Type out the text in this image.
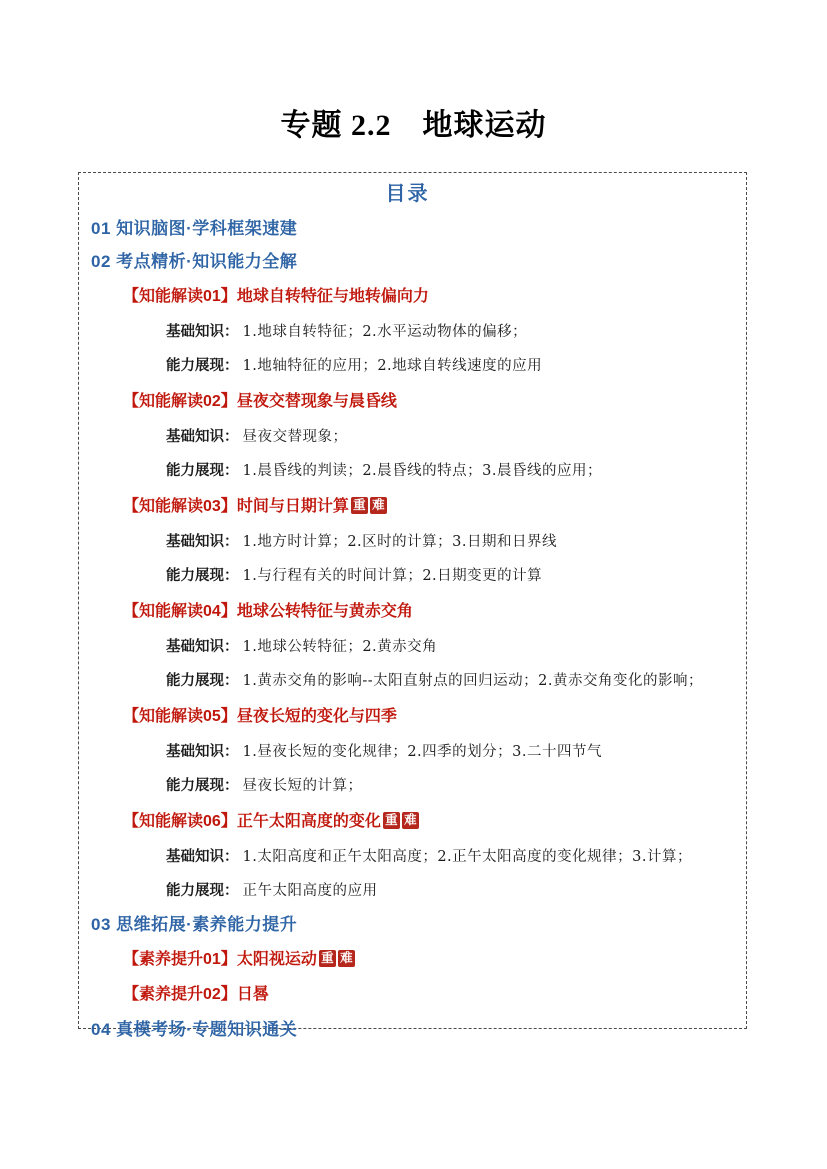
专题 2.2　地球运动
目录
01 知识脑图·学科框架速建
02 考点精析·知识能力全解
【知能解读01】地球自转特征与地转偏向力
基础知识： 1.地球自转特征；2.水平运动物体的偏移；
能力展现： 1.地轴特征的应用；2.地球自转线速度的应用
【知能解读02】昼夜交替现象与晨昏线
基础知识： 昼夜交替现象；
能力展现： 1.晨昏线的判读；2.晨昏线的特点；3.晨昏线的应用；
【知能解读03】时间与日期计算 重 难
基础知识： 1.地方时计算；2.区时的计算；3.日期和日界线
能力展现： 1.与行程有关的时间计算；2.日期变更的计算
【知能解读04】地球公转特征与黄赤交角
基础知识： 1.地球公转特征；2.黄赤交角
能力展现： 1.黄赤交角的影响--太阳直射点的回归运动；2.黄赤交角变化的影响；
【知能解读05】昼夜长短的变化与四季
基础知识： 1.昼夜长短的变化规律；2.四季的划分；3.二十四节气
能力展现： 昼夜长短的计算；
【知能解读06】正午太阳高度的变化 重 难
基础知识： 1.太阳高度和正午太阳高度；2.正午太阳高度的变化规律；3.计算；
能力展现： 正午太阳高度的应用
03 思维拓展·素养能力提升
【素养提升01】太阳视运动 重 难
【素养提升02】日晷
04 真模考场·专题知识通关
